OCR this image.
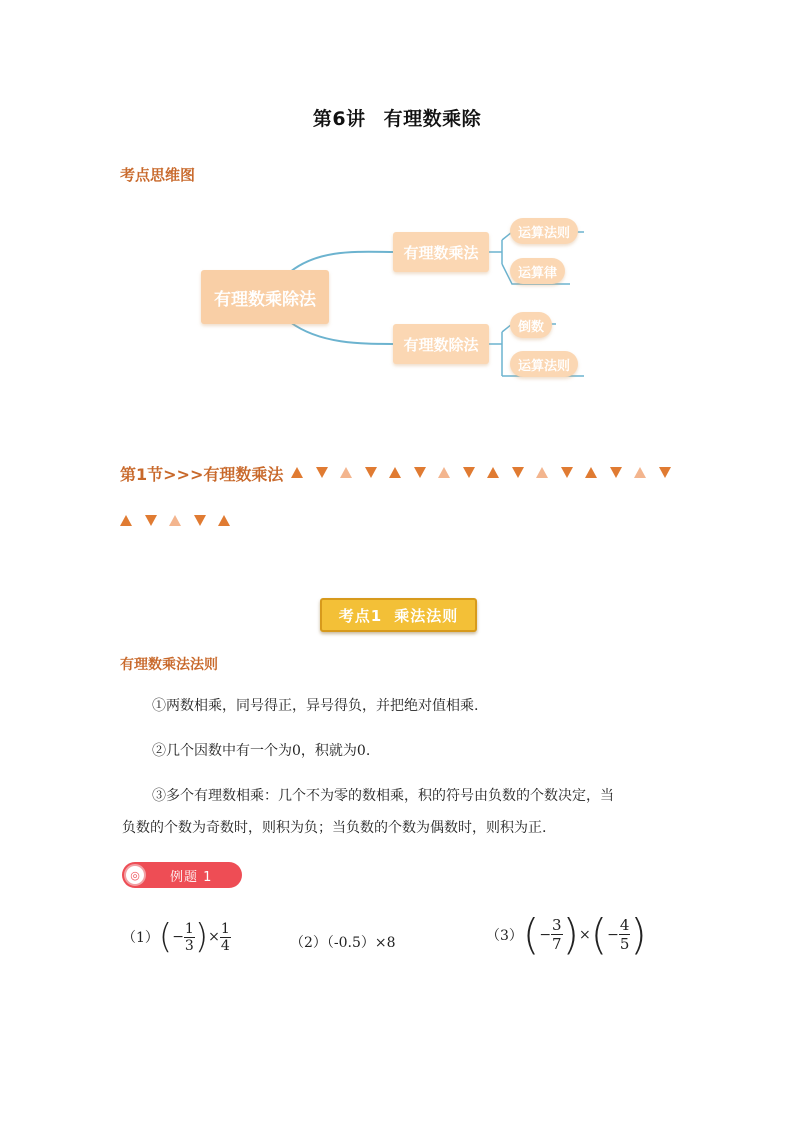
第6讲 有理数乘除
考点思维图
有理数乘除法
有理数乘法
有理数除法
运算法则
运算律
倒数
运算法则
第1节>>>有理数乘法
考点1 乘法法则
有理数乘法法则
①两数相乘，同号得正，异号得负，并把绝对值相乘.
②几个因数中有一个为0，积就为0.
③多个有理数相乘：几个不为零的数相乘，积的符号由负数的个数决定，当
负数的个数为奇数时，则积为负；当负数的个数为偶数时，则积为正.
◎	例题 1
（1） ( − $\frac{1}{3}$ ) × $\frac{1}{4}$	（2）（-0.5）×8	（3） ( − $\frac{3}{7}$ ) × ( − $\frac{4}{5}$ )
